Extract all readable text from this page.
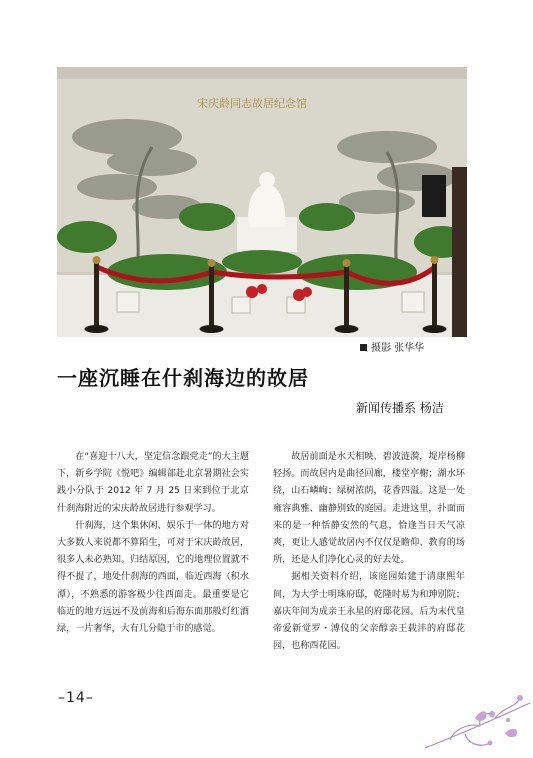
宋庆龄同志故居纪念馆
摄影 张华华
一座沉睡在什刹海边的故居
新闻传播系 杨洁

在“喜迎十八大，坚定信念跟党走”的大主题下，新乡学院《悦吧》编辑部赴北京暑期社会实践小分队于 2012 年 7 月 25 日来到位于北京什刹海附近的宋庆龄故居进行参观学习。

什刹海，这个集休闲、娱乐于一体的地方对大多数人来说都不算陌生，可对于宋庆龄故居，很多人未必熟知。归结原因，它的地理位置就不得不提了，地处什刹海的西面，临近西海（积水潭），不熟悉的游客极少往西面走。最重要是它临近的地方远远不及前海和后海东面那般灯红酒绿，一片奢华，大有几分隐于市的感觉。

故居前面是水天相映、碧波涟漪，堤岸杨柳轻扬。而故居内是曲径回廊，楼堂亭榭；湖水环绕，山石嶙峋；绿树浓荫，花香四溢。这是一处雍容典雅、幽静别致的庭园。走进这里，扑面而来的是一种恬静安然的气息，恰逢当日天气凉爽，更让人感觉故居内不仅仅是瞻仰、教育的场所，还是人们净化心灵的好去处。

据相关资料介绍，该庭园始建于清康熙年间，为大学士明珠府邸，乾隆时易为和珅别院；嘉庆年间为成亲王永星的府邸花园。后为末代皇帝爱新觉罗・溥仪的父亲醇亲王载沣的府邸花园，也称西花园。

–14–
